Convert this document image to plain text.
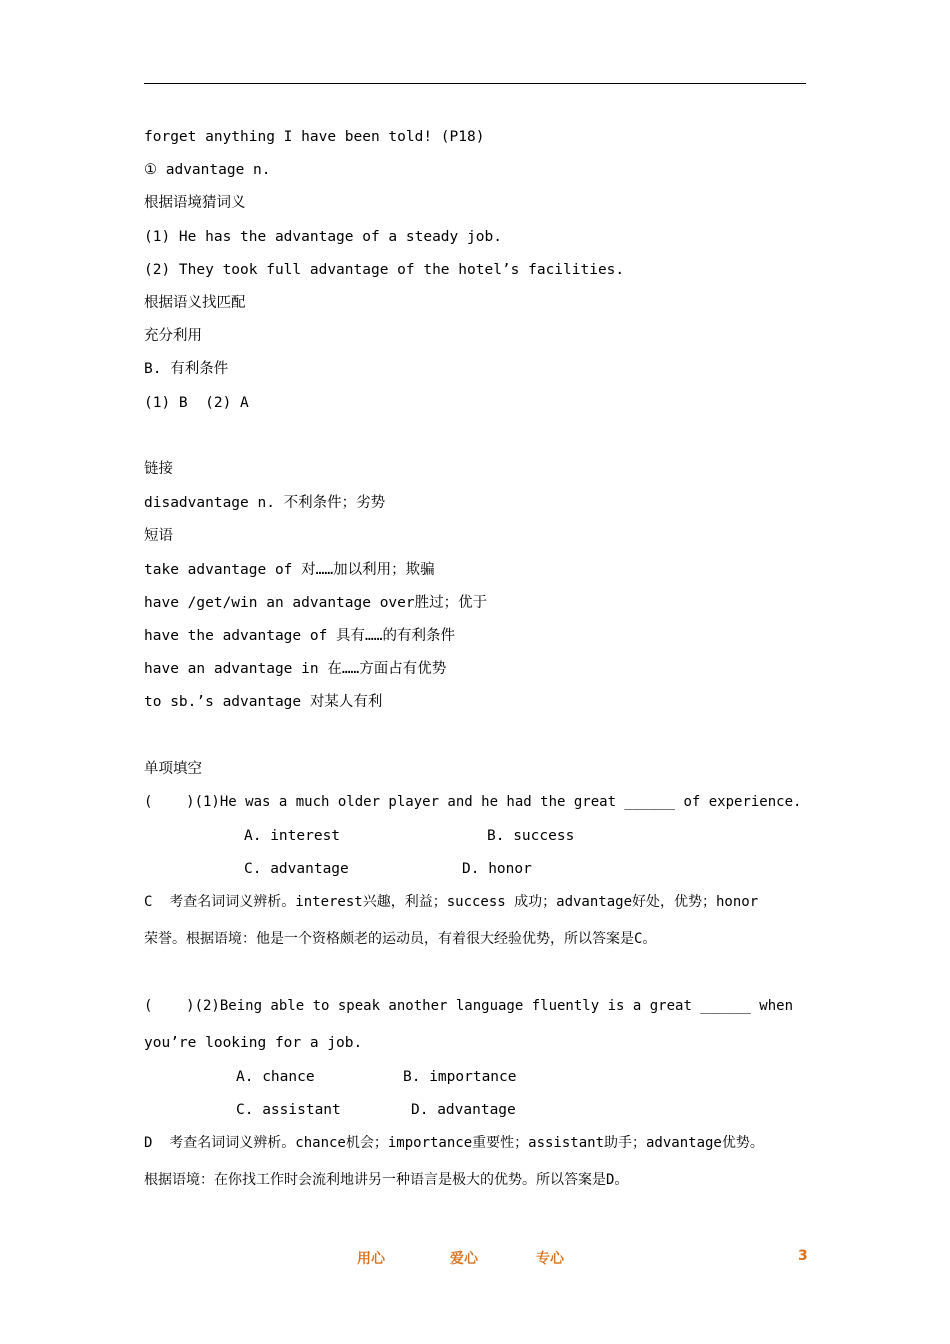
forget anything I have been told! (P18)
① advantage n.
根据语境猜词义
(1) He has the advantage of a steady job.
(2) They took full advantage of the hotel’s facilities.
根据语义找匹配
充分利用
B. 有利条件
(1) B  (2) A
链接
disadvantage n. 不利条件；劣势
短语
take advantage of 对……加以利用；欺骗
have /get/win an advantage over胜过；优于
have the advantage of 具有……的有利条件
have an advantage in 在……方面占有优势
to sb.’s advantage 对某人有利
单项填空
(    )(1)He was a much older player and he had the great ______ of experience.
A. interest	B. success
C. advantage	D. honor
C  考查名词词义辨析。interest兴趣，利益；success 成功；advantage好处，优势；honor
荣誉。根据语境：他是一个资格颇老的运动员，有着很大经验优势，所以答案是C。
(    )(2)Being able to speak another language fluently is a great ______ when
you’re looking for a job.
A. chance	B. importance
C. assistant	D. advantage
D  考查名词词义辨析。chance机会；importance重要性；assistant助手；advantage优势。
根据语境：在你找工作时会流利地讲另一种语言是极大的优势。所以答案是D。
用心	爱心	专心	3
